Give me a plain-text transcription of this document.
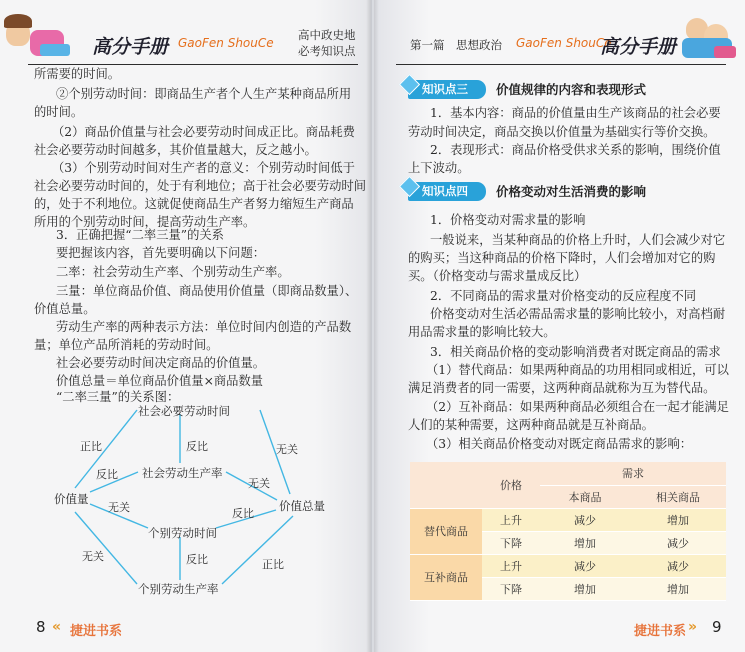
高分手册 GaoFen ShouCe
高中政史地
必考知识点
所需要的时间。
②个别劳动时间：即商品生产者个人生产某种商品所用
的时间。
（2）商品价值量与社会必要劳动时间成正比。商品耗费
社会必要劳动时间越多，其价值量越大，反之越小。
（3）个别劳动时间对生产者的意义：个别劳动时间低于
社会必要劳动时间的，处于有利地位；高于社会必要劳动时间
的，处于不利地位。这就促使商品生产者努力缩短生产商品
所用的个别劳动时间，提高劳动生产率。
3．正确把握“二率三量”的关系
要把握该内容，首先要明确以下问题：
二率：社会劳动生产率、个别劳动生产率。
三量：单位商品价值、商品使用价值量（即商品数量）、
价值总量。
劳动生产率的两种表示方法：单位时间内创造的产品数
量；单位产品所消耗的劳动时间。
社会必要劳动时间决定商品的价值量。
价值总量＝单位商品价值量×商品数量
“二率三量”的关系图：
社会必要劳动时间
社会劳动生产率
价值量	价值总量
个别劳动时间
个别劳动生产率
正比	反比	无关
反比
无关
无关	反比
无关	反比	正比
8 « 捷进书系
第一篇　思想政治 GaoFen ShouCe
高分手册
知识点三	价值规律的内容和表现形式
1．基本内容：商品的价值量由生产该商品的社会必要
劳动时间决定，商品交换以价值量为基础实行等价交换。
2．表现形式：商品价格受供求关系的影响，围绕价值
上下波动。
知识点四	价格变动对生活消费的影响
1．价格变动对需求量的影响
一般说来，当某种商品的价格上升时，人们会减少对它
的购买；当这种商品的价格下降时，人们会增加对它的购
买。（价格变动与需求量成反比）
2．不同商品的需求量对价格变动的反应程度不同
价格变动对生活必需品需求量的影响比较小，对高档耐
用品需求量的影响比较大。
3．相关商品价格的变动影响消费者对既定商品的需求
（1）替代商品：如果两种商品的功用相同或相近，可以
满足消费者的同一需要，这两种商品就称为互为替代品。
（2）互补商品：如果两种商品必须组合在一起才能满足
人们的某种需要，这两种商品就是互补商品。
（3）相关商品价格变动对既定商品需求的影响：
	价格	需求	
		本商品	相关商品
替代商品	上升	减少	增加
	下降	增加	减少
互补商品	上升	减少	减少
	下降	增加	增加
捷进书系 » 9
